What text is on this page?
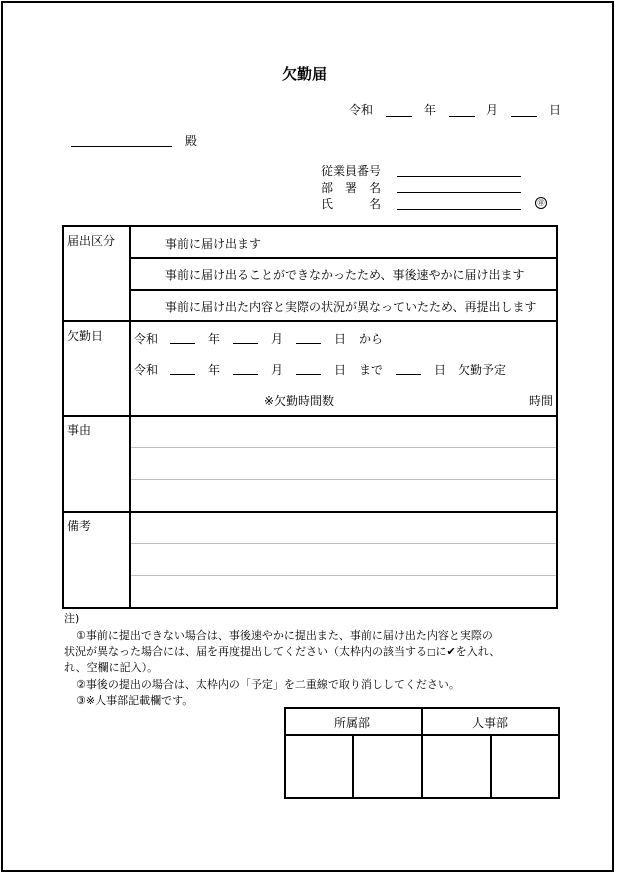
欠勤届
令和	年	月	日
殿
従業員番号
部　署　名
氏　　　名	㊞
届出区分	事前に届け出ます
事前に届け出ることができなかったため、事後速やかに届け出ます
事前に届け出た内容と実際の状況が異なっていたため、再提出します
欠勤日	令和	年	月	日 から
令和	年	月	日 まで	日 欠勤予定
※欠勤時間数	時間
事由
備考
注)
①事前に提出できない場合は、事後速やかに提出また、事前に届け出た内容と実際の
状況が異なった場合には、届を再度提出してください（太枠内の該当する□に✔を入れ、
れ、空欄に記入）。
②事後の提出の場合は、太枠内の「予定」を二重線で取り消ししてください。
③※人事部記載欄です。
所属部	人事部
